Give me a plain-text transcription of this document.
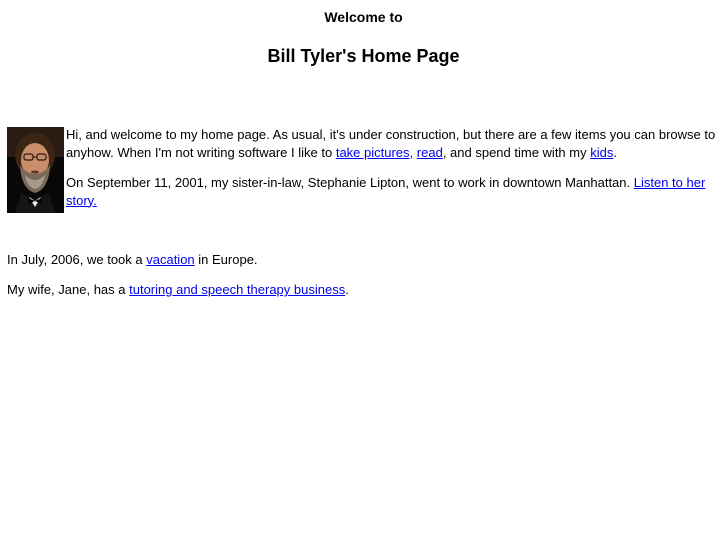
Welcome to
Bill Tyler's Home Page

Hi, and welcome to my home page. As usual, it's under construction, but there are a few items you can browse to anyhow. When I'm not writing software I like to take pictures, read, and spend time with my kids.

On September 11, 2001, my sister-in-law, Stephanie Lipton, went to work in downtown Manhattan. Listen to her story.

In July, 2006, we took a vacation in Europe.

My wife, Jane, has a tutoring and speech therapy business.
